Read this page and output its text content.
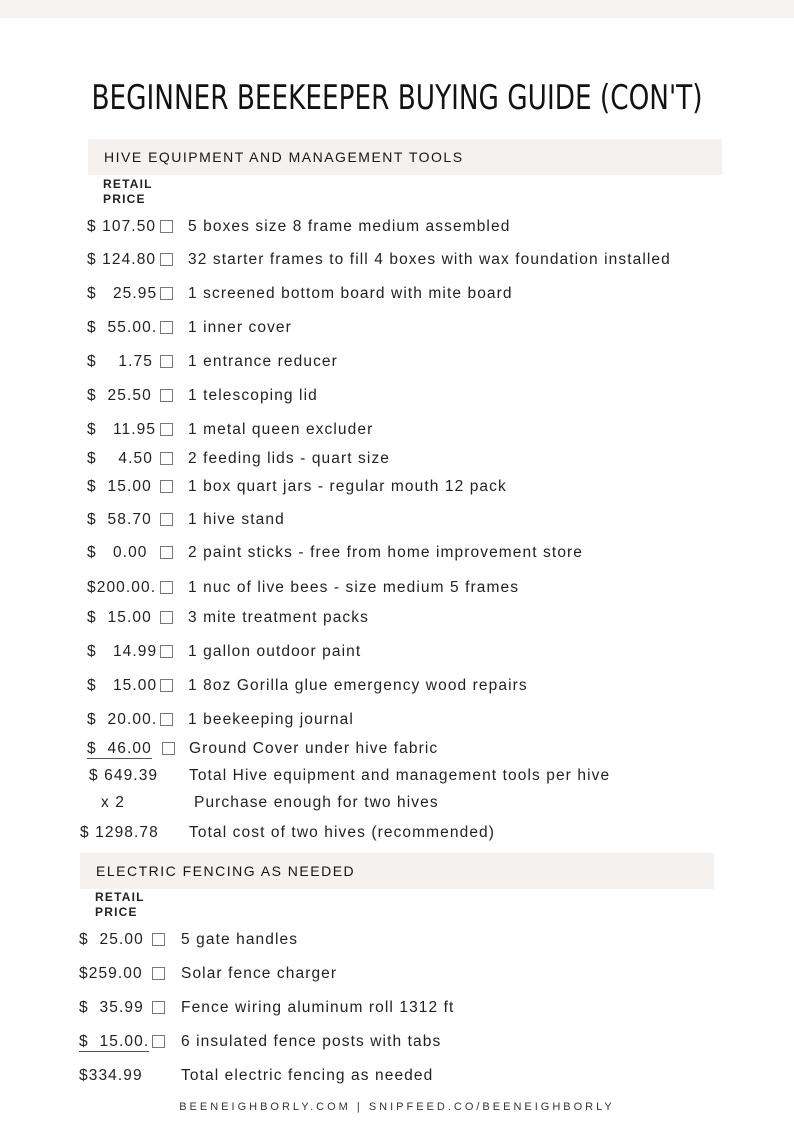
BEGINNER BEEKEEPER BUYING GUIDE (CON'T)
HIVE EQUIPMENT AND MANAGEMENT TOOLS
RETAIL
PRICE
$ 107.50 5 boxes size 8 frame medium assembled
$ 124.80 32 starter frames to fill 4 boxes with wax foundation installed
$   25.95 1 screened bottom board with mite board
$  55.00. 1 inner cover
$    1.75 1 entrance reducer
$  25.50 1 telescoping lid
$   11.95 1 metal queen excluder
$    4.50 2 feeding lids - quart size
$  15.00 1 box quart jars - regular mouth 12 pack
$  58.70 1 hive stand
$   0.00	2 paint sticks - free from home improvement store
$200.00. 1 nuc of live bees - size medium 5 frames
$  15.00 3 mite treatment packs
$   14.99 1 gallon outdoor paint
$   15.00 1 8oz Gorilla glue emergency wood repairs
$  20.00. 1 beekeeping journal
$  46.00 Ground Cover under hive fabric
$ 649.39 Total Hive equipment and management tools per hive
x 2	Purchase enough for two hives
$ 1298.78 Total cost of two hives (recommended)
ELECTRIC FENCING AS NEEDED
RETAIL
PRICE
$  25.00 5 gate handles
$259.00 Solar fence charger
$  35.99 Fence wiring aluminum roll 1312 ft
$  15.00. 6 insulated fence posts with tabs
$334.99 Total electric fencing as needed
BEENEIGHBORLY.COM | SNIPFEED.CO/BEENEIGHBORLY
